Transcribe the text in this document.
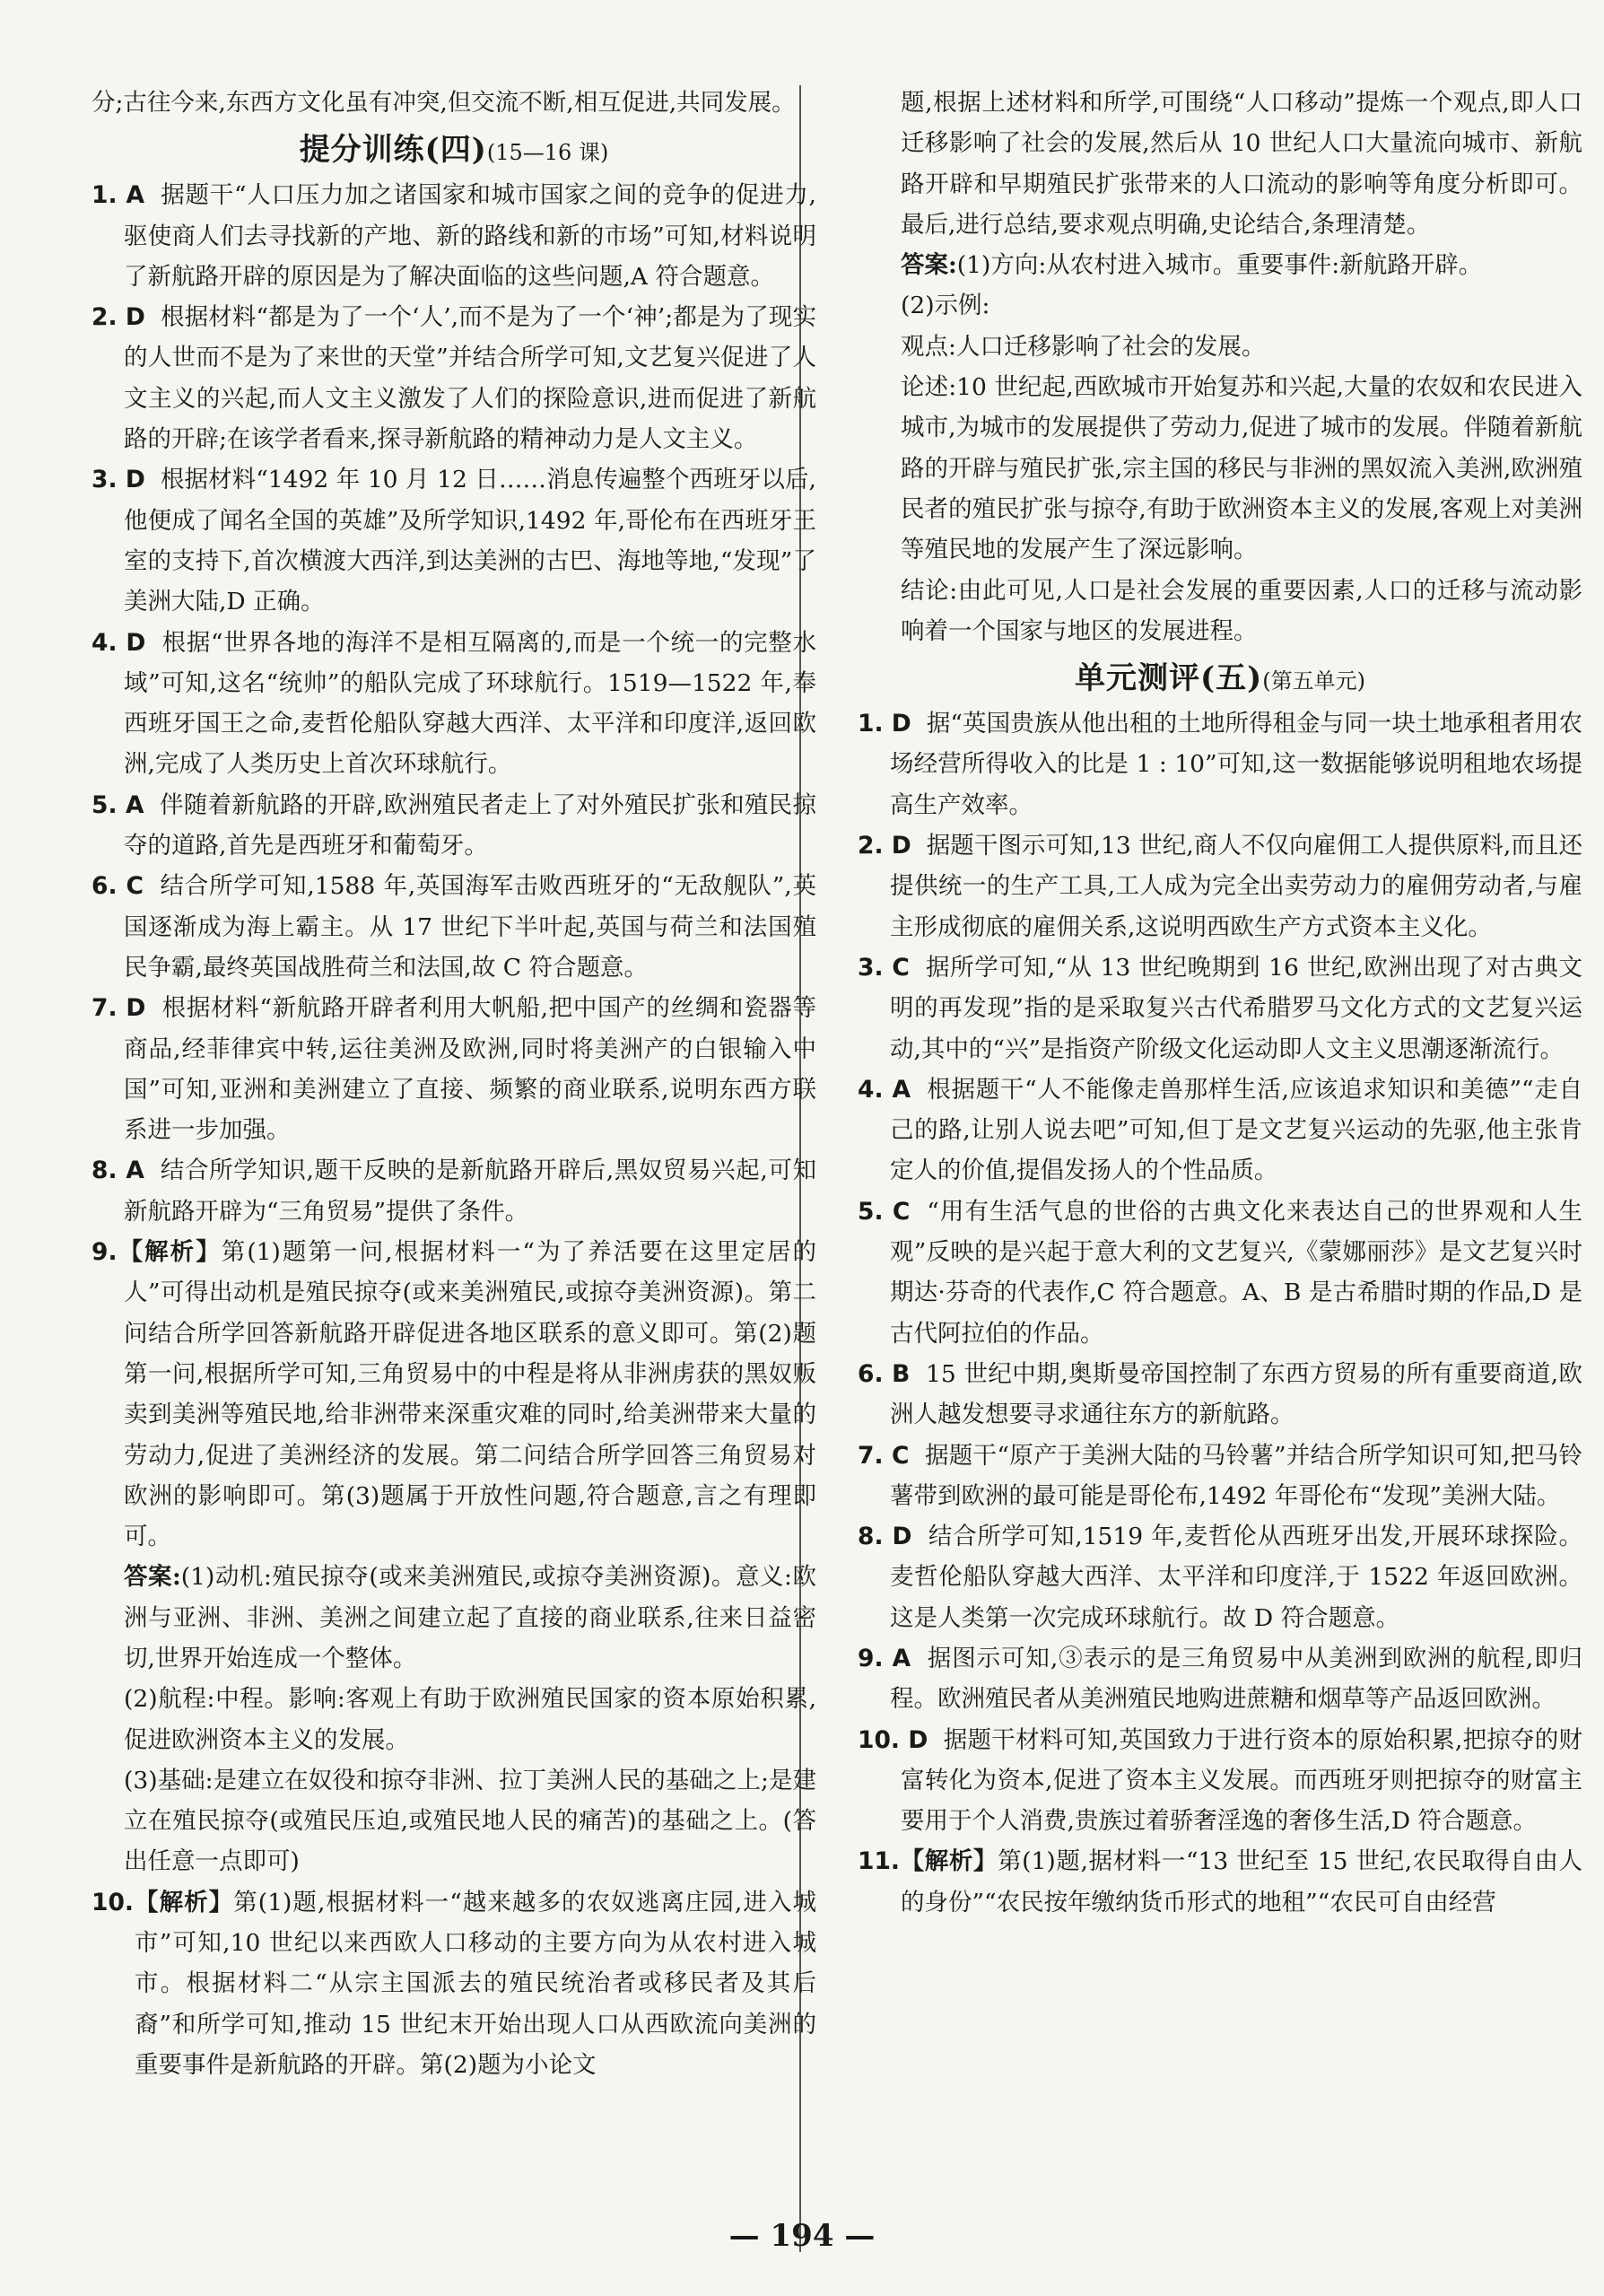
分;古往今来,东西方文化虽有冲突,但交流不断,相互促进,共同发展。

提分训练(四)(15—16 课)

1. A 据题干“人口压力加之诸国家和城市国家之间的竞争的促进力,驱使商人们去寻找新的产地、新的路线和新的市场”可知,材料说明了新航路开辟的原因是为了解决面临的这些问题,A 符合题意。

2. D 根据材料“都是为了一个‘人’,而不是为了一个‘神’;都是为了现实的人世而不是为了来世的天堂”并结合所学可知,文艺复兴促进了人文主义的兴起,而人文主义激发了人们的探险意识,进而促进了新航路的开辟;在该学者看来,探寻新航路的精神动力是人文主义。

3. D 根据材料“1492 年 10 月 12 日……消息传遍整个西班牙以后,他便成了闻名全国的英雄”及所学知识,1492 年,哥伦布在西班牙王室的支持下,首次横渡大西洋,到达美洲的古巴、海地等地,“发现”了美洲大陆,D 正确。

4. D 根据“世界各地的海洋不是相互隔离的,而是一个统一的完整水域”可知,这名“统帅”的船队完成了环球航行。1519—1522 年,奉西班牙国王之命,麦哲伦船队穿越大西洋、太平洋和印度洋,返回欧洲,完成了人类历史上首次环球航行。

5. A 伴随着新航路的开辟,欧洲殖民者走上了对外殖民扩张和殖民掠夺的道路,首先是西班牙和葡萄牙。

6. C 结合所学可知,1588 年,英国海军击败西班牙的“无敌舰队”,英国逐渐成为海上霸主。从 17 世纪下半叶起,英国与荷兰和法国殖民争霸,最终英国战胜荷兰和法国,故 C 符合题意。

7. D 根据材料“新航路开辟者利用大帆船,把中国产的丝绸和瓷器等商品,经菲律宾中转,运往美洲及欧洲,同时将美洲产的白银输入中国”可知,亚洲和美洲建立了直接、频繁的商业联系,说明东西方联系进一步加强。

8. A 结合所学知识,题干反映的是新航路开辟后,黑奴贸易兴起,可知新航路开辟为“三角贸易”提供了条件。

9.【解析】第(1)题第一问,根据材料一“为了养活要在这里定居的人”可得出动机是殖民掠夺(或来美洲殖民,或掠夺美洲资源)。第二问结合所学回答新航路开辟促进各地区联系的意义即可。第(2)题第一问,根据所学可知,三角贸易中的中程是将从非洲虏获的黑奴贩卖到美洲等殖民地,给非洲带来深重灾难的同时,给美洲带来大量的劳动力,促进了美洲经济的发展。第二问结合所学回答三角贸易对欧洲的影响即可。第(3)题属于开放性问题,符合题意,言之有理即可。

答案:(1)动机:殖民掠夺(或来美洲殖民,或掠夺美洲资源)。意义:欧洲与亚洲、非洲、美洲之间建立起了直接的商业联系,往来日益密切,世界开始连成一个整体。

(2)航程:中程。影响:客观上有助于欧洲殖民国家的资本原始积累,促进欧洲资本主义的发展。

(3)基础:是建立在奴役和掠夺非洲、拉丁美洲人民的基础之上;是建立在殖民掠夺(或殖民压迫,或殖民地人民的痛苦)的基础之上。(答出任意一点即可)

10.【解析】第(1)题,根据材料一“越来越多的农奴逃离庄园,进入城市”可知,10 世纪以来西欧人口移动的主要方向为从农村进入城市。根据材料二“从宗主国派去的殖民统治者或移民者及其后裔”和所学可知,推动 15 世纪末开始出现人口从西欧流向美洲的重要事件是新航路的开辟。第(2)题为小论文

题,根据上述材料和所学,可围绕“人口移动”提炼一个观点,即人口迁移影响了社会的发展,然后从 10 世纪人口大量流向城市、新航路开辟和早期殖民扩张带来的人口流动的影响等角度分析即可。最后,进行总结,要求观点明确,史论结合,条理清楚。

答案:(1)方向:从农村进入城市。重要事件:新航路开辟。

(2)示例:

观点:人口迁移影响了社会的发展。

论述:10 世纪起,西欧城市开始复苏和兴起,大量的农奴和农民进入城市,为城市的发展提供了劳动力,促进了城市的发展。伴随着新航路的开辟与殖民扩张,宗主国的移民与非洲的黑奴流入美洲,欧洲殖民者的殖民扩张与掠夺,有助于欧洲资本主义的发展,客观上对美洲等殖民地的发展产生了深远影响。

结论:由此可见,人口是社会发展的重要因素,人口的迁移与流动影响着一个国家与地区的发展进程。

单元测评(五)(第五单元)

1. D 据“英国贵族从他出租的土地所得租金与同一块土地承租者用农场经营所得收入的比是 1 : 10”可知,这一数据能够说明租地农场提高生产效率。

2. D 据题干图示可知,13 世纪,商人不仅向雇佣工人提供原料,而且还提供统一的生产工具,工人成为完全出卖劳动力的雇佣劳动者,与雇主形成彻底的雇佣关系,这说明西欧生产方式资本主义化。

3. C 据所学可知,“从 13 世纪晚期到 16 世纪,欧洲出现了对古典文明的再发现”指的是采取复兴古代希腊罗马文化方式的文艺复兴运动,其中的“兴”是指资产阶级文化运动即人文主义思潮逐渐流行。

4. A 根据题干“人不能像走兽那样生活,应该追求知识和美德”“走自己的路,让别人说去吧”可知,但丁是文艺复兴运动的先驱,他主张肯定人的价值,提倡发扬人的个性品质。

5. C “用有生活气息的世俗的古典文化来表达自己的世界观和人生观”反映的是兴起于意大利的文艺复兴,《蒙娜丽莎》是文艺复兴时期达·芬奇的代表作,C 符合题意。A、B 是古希腊时期的作品,D 是古代阿拉伯的作品。

6. B 15 世纪中期,奥斯曼帝国控制了东西方贸易的所有重要商道,欧洲人越发想要寻求通往东方的新航路。

7. C 据题干“原产于美洲大陆的马铃薯”并结合所学知识可知,把马铃薯带到欧洲的最可能是哥伦布,1492 年哥伦布“发现”美洲大陆。

8. D 结合所学可知,1519 年,麦哲伦从西班牙出发,开展环球探险。麦哲伦船队穿越大西洋、太平洋和印度洋,于 1522 年返回欧洲。这是人类第一次完成环球航行。故 D 符合题意。

9. A 据图示可知,③表示的是三角贸易中从美洲到欧洲的航程,即归程。欧洲殖民者从美洲殖民地购进蔗糖和烟草等产品返回欧洲。

10. D 据题干材料可知,英国致力于进行资本的原始积累,把掠夺的财富转化为资本,促进了资本主义发展。而西班牙则把掠夺的财富主要用于个人消费,贵族过着骄奢淫逸的奢侈生活,D 符合题意。

11.【解析】第(1)题,据材料一“13 世纪至 15 世纪,农民取得自由人的身份”“农民按年缴纳货币形式的地租”“农民可自由经营

— 194 —
